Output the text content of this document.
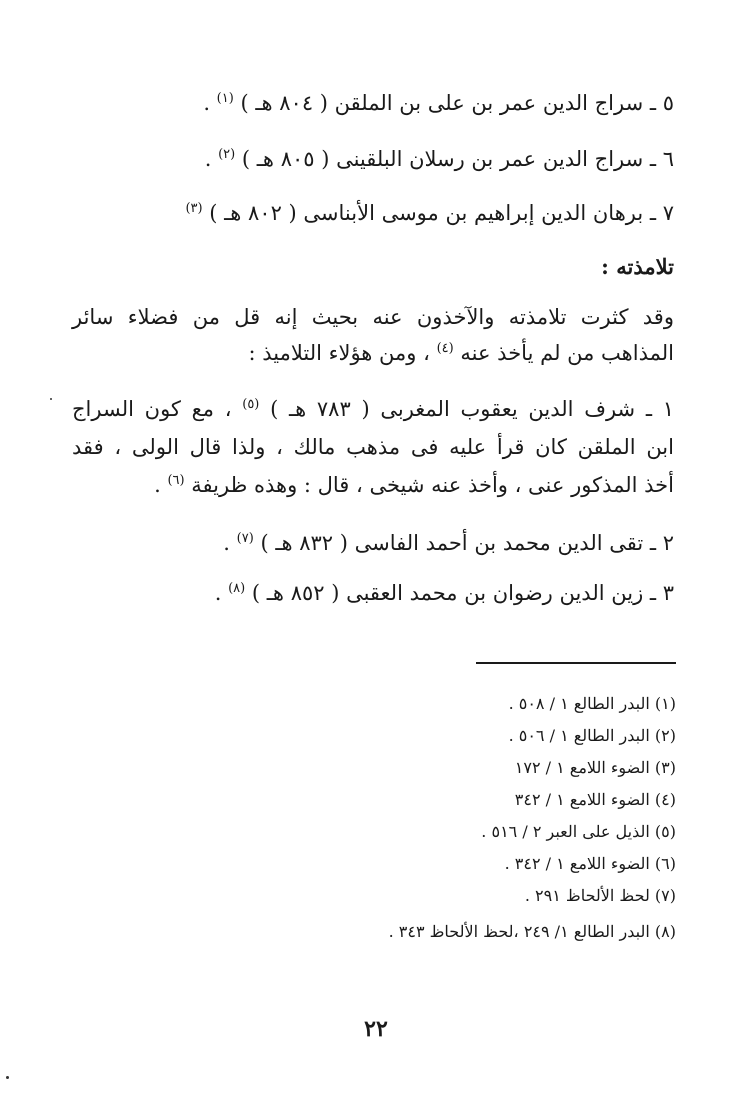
٥ ـ سراج الدين عمر بن على بن الملقن ( ٨٠٤ هـ ) $^{(١)}$ .
٦ ـ سراج الدين عمر بن رسلان البلقينى ( ٨٠٥ هـ ) $^{(٢)}$ .
٧ ـ برهان الدين إبراهيم بن موسى الأبناسى ( ٨٠٢ هـ ) $^{(٣)}$
تلامذته :
وقد كثرت تلامذته والآخذون عنه بحيث إنه قل من فضلاء سائر
المذاهب من لم يأخذ عنه $^{(٤)}$ ، ومن هؤلاء التلاميذ :
١ ـ شرف الدين يعقوب المغربى ( ٧٨٣ هـ ) $^{(٥)}$ ، مع كون السراج
ابن الملقن كان قرأ عليه فى مذهب مالك ، ولذا قال الولى ، فقد
أخذ المذكور عنى ، وأخذ عنه شيخى ، قال : وهذه ظريفة $^{(٦)}$ .
٢ ـ تقى الدين محمد بن أحمد الفاسى ( ٨٣٢ هـ ) $^{(٧)}$ .
٣ ـ زين الدين رضوان بن محمد العقبى ( ٨٥٢ هـ ) $^{(٨)}$ .
(١) البدر الطالع ١ / ٥٠٨ .
(٢) البدر الطالع ١ / ٥٠٦ .
(٣) الضوء اللامع ١ / ١٧٢
(٤) الضوء اللامع ١ / ٣٤٢
(٥) الذيل على العبر ٢ / ٥١٦ .
(٦) الضوء اللامع ١ / ٣٤٢ .
(٧) لحظ الألحاظ ٢٩١ .
(٨) البدر الطالع ١/ ٢٤٩ ،لحظ الألحاظ ٣٤٣ .
٢٢
